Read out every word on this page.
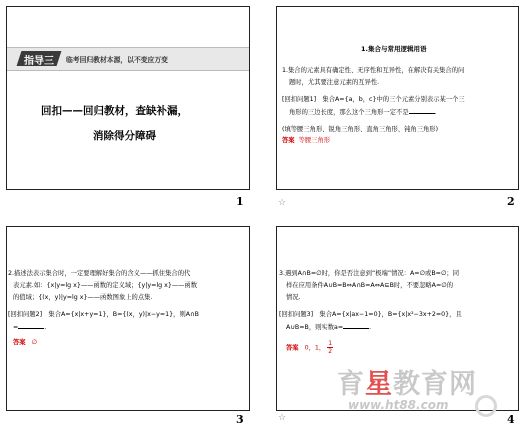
指导三 临考回归教材本源，以不变应万变
回扣——回归教材，查缺补漏，
消除得分障碍
1
1.集合与常用逻辑用语
1.集合的元素具有确定性、无序性和互异性，在解决有关集合的问
题时，尤其要注意元素的互异性.
[回扣问题1]　集合A={a，b，c}中的三个元素分别表示某一个三
角形的三边长度，那么这个三角形一定不是	.
(填等腰三角形、锐角三角形、直角三角形、钝角三角形)
答案 等腰三角形
☆	2
2.描述法表示集合时，一定要理解好集合的含义——抓住集合的代
表元素.如：{x|y=lg x}——函数的定义域；{y|y=lg x}——函数
的值域；{(x，y)|y=lg x}——函数图象上的点集.
[回扣问题2]　集合A={x|x+y=1}，B={(x，y)|x−y=1}，则A∩B
=	.
答案 ∅
3
3.遇到A∩B=∅时，你是否注意到“极端”情况：A=∅或B=∅；同
样在应用条件A∪B=B⇔A∩B=A⇔A⊆B时，不要忽略A=∅的
情况.
[回扣问题3]　集合A={x|ax−1=0}，B={x|x²−3x+2=0}，且
A∪B=B，则实数a=	.
答案 0，1， $\frac{1}{2}$
☆	4
育星教育网
www.ht88.com
